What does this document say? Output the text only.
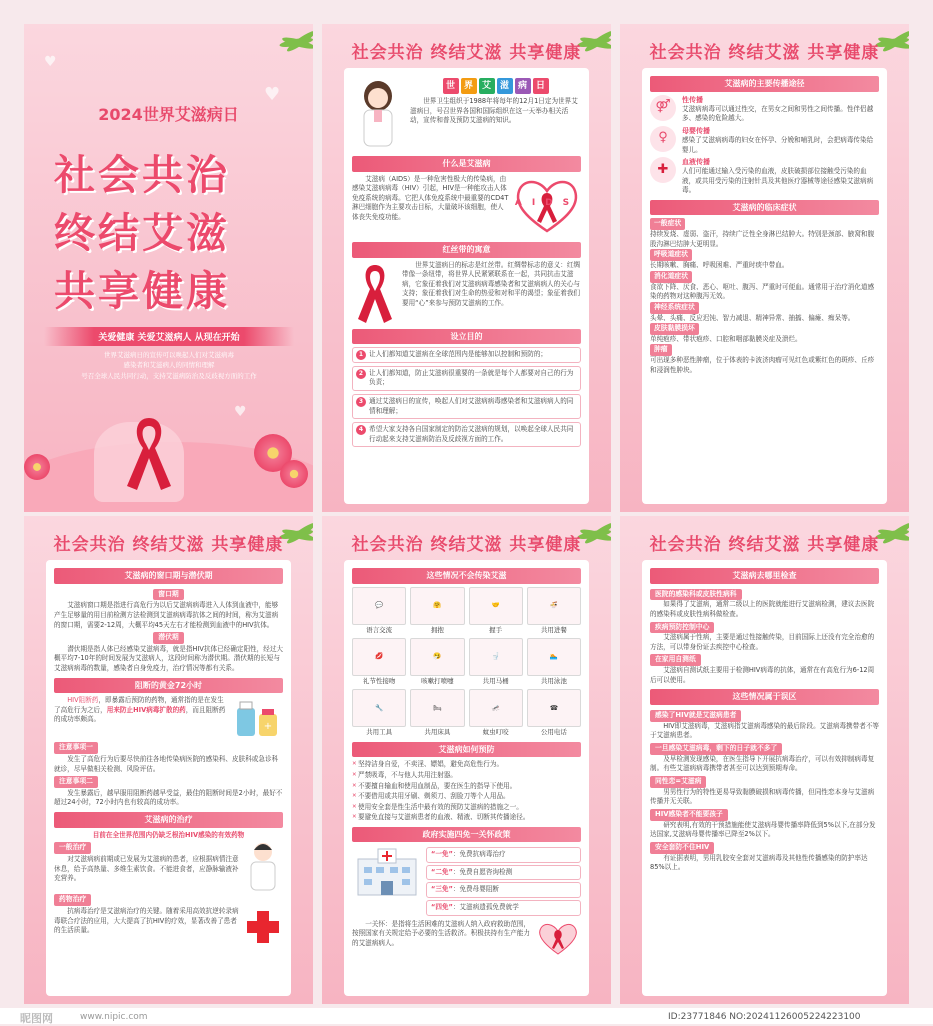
♥
♥
♥
2024世界艾滋病日
社会共治
终结艾滋
共享健康
关爱健康 关爱艾滋病人 从现在开始
世界艾滋病日的宣传可以唤起人们对艾滋病毒
感染者和艾滋病人的同情和理解
号召全球人民共同行动，支持艾滋病防治及反歧视方面的工作
社会共治 终结艾滋 共享健康
世 界 艾 滋 病 日
世界卫生组织于1988年将每年的12月1日定为世界艾滋病日，号召世界各国和国际组织在这一天举办相关活动，宣传和普及预防艾滋病的知识。
什么是艾滋病
艾滋病（AIDS）是一种危害性极大的传染病，由感染艾滋病病毒（HIV）引起，HIV是一种能攻击人体免疫系统的病毒。它把人体免疫系统中最重要的CD4T淋巴细胞作为主要攻击目标，大量破坏该细胞，使人体丧失免疫功能。
AIDS
红丝带的寓意
世界艾滋病日的标志是红丝带。红绸带标志的意义：红绸带像一条纽带，将世界人民紧紧联系在一起，共同抗击艾滋病，它象征着我们对艾滋病病毒感染者和艾滋病病人的关心与支持；象征着我们对生命的热爱和对和平的渴望；象征着我们要用“心”来参与预防艾滋病的工作。
设立目的
1 让人们都知道艾滋病在全球范围内是能够加以控制和预防的；
2 让人们都知道，防止艾滋病很重要的一条就是每个人都要对自己的行为负责；
3 通过艾滋病日的宣传，唤起人们对艾滋病病毒感染者和艾滋病病人的同情和理解；
4 希望大家支持各自国家制定的防治艾滋病的规划，以唤起全球人民共同行动起来支持艾滋病防治及反歧视方面的工作。
社会共治 终结艾滋 共享健康
艾滋病的主要传播途径
⚤ 性传播
艾滋病病毒可以通过性交，在男女之间和男性之间传播。性伴侣越多、感染的危险越大。
♀ 母婴传播
感染了艾滋病病毒的妇女在怀孕、分娩和哺乳时，会把病毒传染给婴儿。
✚ 血液传播
人们可能通过输入受污染的血液，皮肤破损部位接触受污染的血液，或共用受污染的注射针具及其他医疗器械等途径感染艾滋病病毒。
艾滋病的临床症状
一般症状
持续发烧、虚弱、盗汗，持续广泛性全身淋巴结肿大。特别是颈部、腋窝和腹股沟淋巴结肿大更明显。
呼吸道症状
长期咳嗽、胸痛、呼吸困难、严重时痰中带血。
消化道症状
食欲下降、厌食、恶心、呕吐、腹泻、严重时可便血。通常用于治疗消化道感染的药物对这种腹泻无效。
神经系统症状
头晕、头痛、反应迟钝、智力减退、精神异常、抽搐、偏瘫、痴呆等。
皮肤黏膜损坏
单纯疱疹、带状疱疹、口腔和咽部黏膜炎症及溃烂。
肿瘤
可出现多种恶性肿瘤，位于体表的卡波济肉瘤可见红色或紫红色的斑疹、丘疹和浸润性肿块。
社会共治 终结艾滋 共享健康
艾滋病的窗口期与潜伏期
窗口期
艾滋病窗口期是指进行高危行为以后艾滋病病毒进入人体到血液中，能够产生足够量的用目前检测方法检测到艾滋病病毒抗体之间的时间，称为艾滋病的窗口期，需要2-12周，大概平均45天左右才能检测到血液中的HIV抗体。
潜伏期
潜伏期是指人体已经感染艾滋病毒，就是指HIV抗体已经确定阳性，经过大概平均7-10年的时间发展为艾滋病人，这段时间称为潜伏期。潜伏期的长短与艾滋病病毒的数量，感染者自身免疫力，治疗情况等都有关系。
阻断的黄金72小时
HIV阻断药，即暴露后预防的药物，通常指的是在发生了高危行为之后，用来防止HIV病毒扩散的药，而且阻断药的成功率颇高。
+
注意事项一
发生了高危行为后要尽快前往各地传染病医院的感染科、皮肤科或急诊科就诊，尽早做相关检测、风险评估。
注意事项二
发生暴露后，越早服用阻断药越早受益，最佳的阻断时间是2小时，最好不超过24小时，72小时内也有较高的成功率。
艾滋病的治疗
目前在全世界范围内仍缺乏根治HIV感染的有效药物
一般治疗
对艾滋病病前期或已发展为艾滋病的患者，应根据病情注意休息，给予高热量、多维生素饮食。不能进食者，应静脉输液补充营养。
药物治疗
抗病毒治疗是艾滋病治疗的关键。随着采用高效抗逆转录病毒联合疗法的应用，大大提高了抗HIV的疗效，显著改善了患者的生活质量。
社会共治 终结艾滋 共享健康
这些情况不会传染艾滋
💬
语言交流
🤗
拥抱
🤝
握手
🍜
共用进餐
💋
礼节性接吻
🤧
咳嗽打喷嚏
🚽
共用马桶
🏊
共用泳池
🔧
共用工具
🛏
共用床具
🦟
蚊虫叮咬
☎
公用电话
艾滋病如何预防
✕ 坚持洁身自爱，不卖淫、嫖娼，避免高危性行为。
✕ 严禁吸毒，不与他人共用注射器。
✕ 不要擅自输血和使用血制品，要在医生的指导下使用。
✕ 不要借用或共用牙刷、剃须刀、刮脸刀等个人用品。
✕ 使用安全套是性生活中最有效的预防艾滋病的措施之一。
✕ 要避免直接与艾滋病患者的血液、精液、切断其传播途径。
政府实施四免一关怀政策
“一免”：免费抗病毒治疗
“二免”：免费自愿咨询检测
“三免”：免费母婴阻断
“四免”：艾滋病遗孤免费就学
一关怀：是指将生活困难的艾滋病人纳入政府救助范围，按照国家有关规定给予必要的生活救济。积极扶持有生产能力的艾滋病病人。
社会共治 终结艾滋 共享健康
艾滋病去哪里检查
医院的感染科或皮肤性病科
如果得了艾滋病，通常二级以上的医院就能进行艾滋病检测，建议去医院的感染科或皮肤性病科做检查。
疾病预防控制中心
艾滋病属于性病，主要是通过性接触传染，目前国际上还没有完全治愈的方法，可以带身份证去疾控中心检查。
在家用自测纸
艾滋病自测试纸主要用于检测HIV病毒的抗体，通常在有高危行为6-12周后可以使用。
这些情况属于误区
感染了HIV就是艾滋病患者
HIV即艾滋病毒，艾滋病指艾滋病毒感染的最后阶段。艾滋病毒携带者不等于艾滋病患者。
一旦感染艾滋病毒，剩下的日子就不多了
及早检测发现感染，在医生指导下开展抗病毒治疗，可以有效抑制病毒复制。有些艾滋病病毒携带者甚至可以达到预期寿命。
同性恋=艾滋病
男男性行为的特性更易导致黏膜破损和病毒传播，但同性恋本身与艾滋病传播并无关联。
HIV感染者不能要孩子
研究表明,有效的干预措施能使艾滋病母婴传播率降低到5%以下,在部分发达国家,艾滋病母婴传播率已降至2%以下。
安全套防不住HIV
有证据表明，男用乳胶安全套对艾滋病毒及其他性传播感染的防护率达85%以上。
昵图网	www.nipic.com	ID:23771846 NO:20241126005224223100
